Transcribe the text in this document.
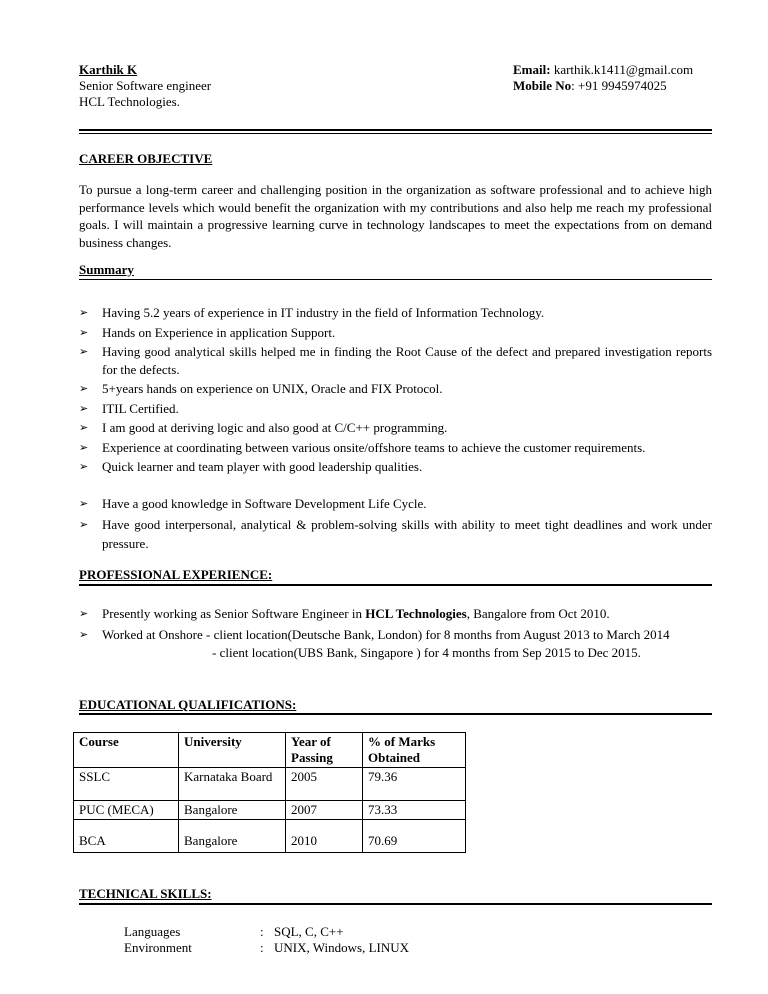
Karthik K
Senior Software engineer
HCL Technologies.
Email: karthik.k1411@gmail.com
Mobile No: +91 9945974025
CAREER OBJECTIVE
To pursue a long-term career and challenging position in the organization as software professional and to achieve high performance levels which would benefit the organization with my contributions and also help me reach my professional goals. I will maintain a progressive learning curve in technology landscapes to meet the expectations from on demand business changes.
Summary
➢ Having 5.2 years of experience in IT industry in the field of Information Technology.
➢ Hands on Experience in application Support.
➢ Having good analytical skills helped me in finding the Root Cause of the defect and prepared investigation reports for the defects.
➢ 5+years hands on experience on UNIX, Oracle and FIX Protocol.
➢ ITIL Certified.
➢ I am good at deriving logic and also good at C/C++ programming.
➢ Experience at coordinating between various onsite/offshore teams to achieve the customer requirements.
➢ Quick learner and team player with good leadership qualities.
➢ Have a good knowledge in Software Development Life Cycle.
➢ Have good interpersonal, analytical & problem-solving skills with ability to meet tight deadlines and work under pressure.
PROFESSIONAL EXPERIENCE:
➢ Presently working as Senior Software Engineer in HCL Technologies, Bangalore from Oct 2010.
➢ Worked at Onshore - client location(Deutsche Bank, London) for 8 months from August 2013 to March 2014
- client location(UBS Bank, Singapore ) for 4 months from Sep 2015 to Dec 2015.
EDUCATIONAL QUALIFICATIONS:
Course	University	Year of Passing	% of Marks Obtained
SSLC	Karnataka Board	2005	79.36
PUC (MECA)	Bangalore	2007	73.33
BCA	Bangalore	2010	70.69
TECHNICAL SKILLS:
Languages	: SQL, C, C++
Environment	: UNIX, Windows, LINUX
